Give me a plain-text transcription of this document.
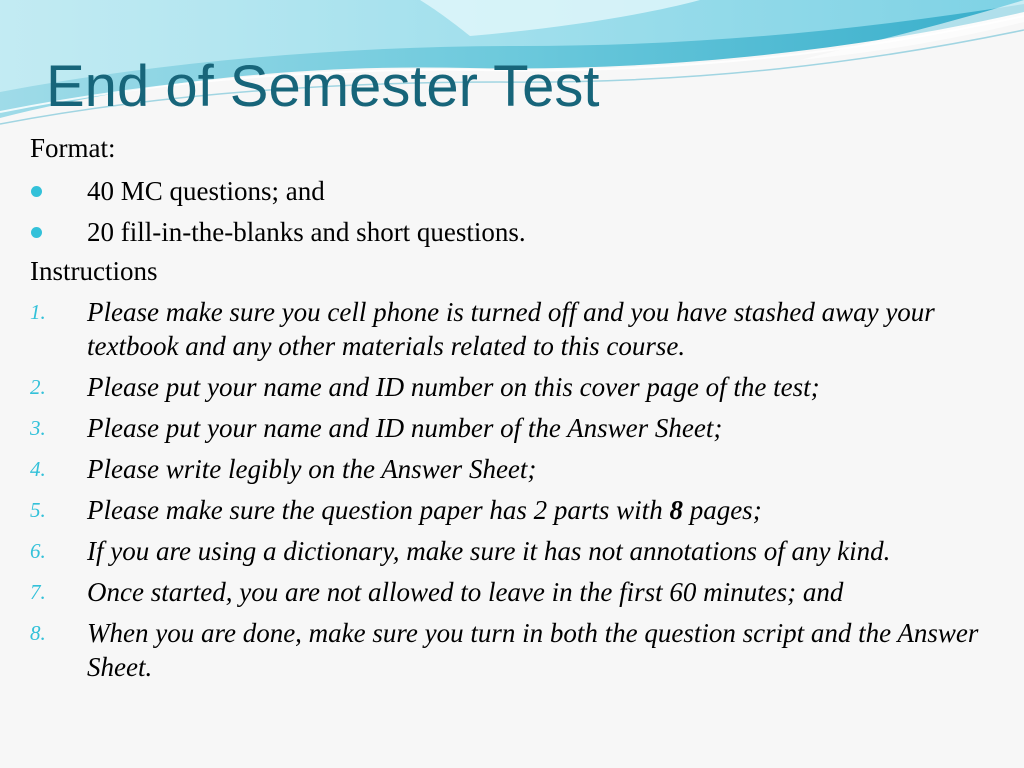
End of Semester Test

Format:

40 MC questions; and
20 fill-in-the-blanks and short questions.

Instructions

1. Please make sure you cell phone is turned off and you have stashed away your textbook and any other materials related to this course.
2. Please put your name and ID number on this cover page of the test;
3. Please put your name and ID number of the Answer Sheet;
4. Please write legibly on the Answer Sheet;
5. Please make sure the question paper has 2 parts with 8 pages;
6. If you are using a dictionary, make sure it has not annotations of any kind.
7. Once started, you are not allowed to leave in the first 60 minutes; and
8. When you are done, make sure you turn in both the question script and the Answer Sheet.
